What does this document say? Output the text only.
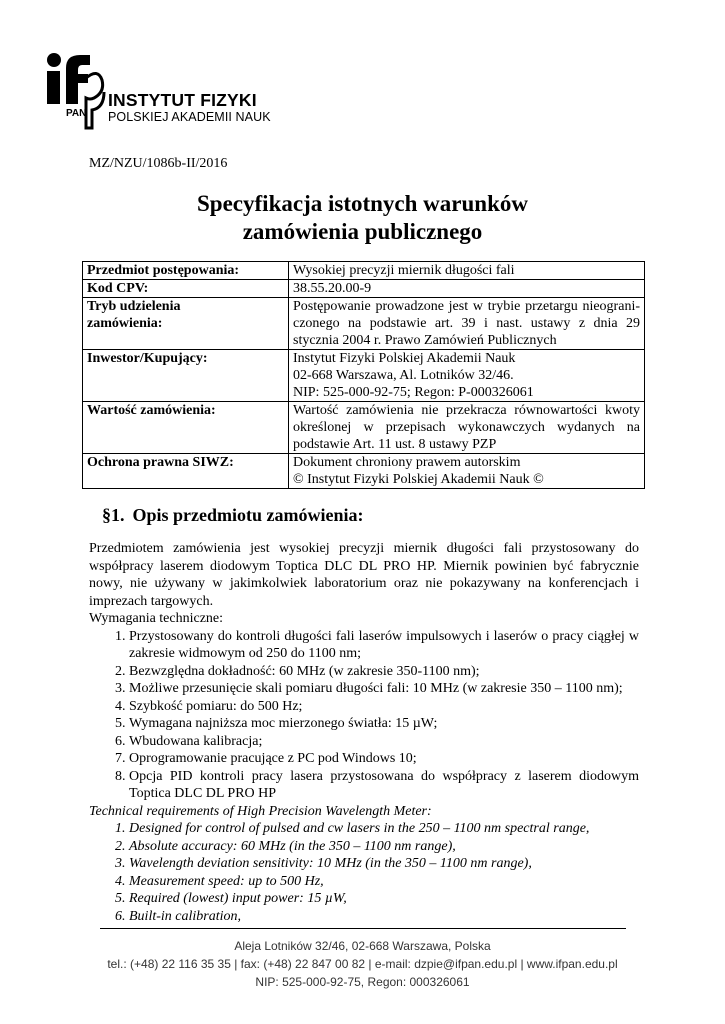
PAN
INSTYTUT FIZYKI
POLSKIEJ AKADEMII NAUK
MZ/NZU/1086b-II/2016
Specyfikacja istotnych warunków
zamówienia publicznego
Przedmiot postępowania:	Wysokiej precyzji miernik długości fali

Kod CPV:	38.55.20.00-9

Tryb udzielenia zamówienia:	Postępowanie prowadzone jest w trybie przetargu nieograni-czonego na podstawie art. 39 i nast. ustawy z dnia 29 stycznia 2004 r. Prawo Zamówień Publicznych

Inwestor/Kupujący:	Instytut Fizyki Polskiej Akademii Nauk
02-668 Warszawa, Al. Lotników 32/46.
NIP: 525-000-92-75; Regon: P-000326061

Wartość zamówienia:	Wartość zamówienia nie przekracza równowartości kwoty określonej w przepisach wykonawczych wydanych na podstawie Art. 11 ust. 8 ustawy PZP

Ochrona prawna SIWZ:	Dokument chroniony prawem autorskim
© Instytut Fizyki Polskiej Akademii Nauk ©
§1. Opis przedmiotu zamówienia:

Przedmiotem zamówienia jest wysokiej precyzji miernik długości fali przystosowany do współpracy laserem diodowym Toptica DLC DL PRO HP. Miernik powinien być fabrycznie nowy, nie używany w jakimkolwiek laboratorium oraz nie pokazywany na konferencjach i imprezach targowych.

Wymagania techniczne:

1. Przystosowany do kontroli długości fali laserów impulsowych i laserów o pracy ciągłej w zakresie widmowym od 250 do 1100 nm;
2. Bezwzględna dokładność: 60 MHz (w zakresie 350-1100 nm);
3. Możliwe przesunięcie skali pomiaru długości fali: 10 MHz (w zakresie 350 – 1100 nm);
4. Szybkość pomiaru: do 500 Hz;
5. Wymagana najniższa moc mierzonego światła: 15 µW;
6. Wbudowana kalibracja;
7. Oprogramowanie pracujące z PC pod Windows 10;
8. Opcja PID kontroli pracy lasera przystosowana do współpracy z laserem diodowym Toptica DLC DL PRO HP

Technical requirements of High Precision Wavelength Meter:

1. Designed for control of pulsed and cw lasers in the 250 – 1100 nm spectral range,
2. Absolute accuracy: 60 MHz (in the 350 – 1100 nm range),
3. Wavelength deviation sensitivity: 10 MHz (in the 350 – 1100 nm range),
4. Measurement speed: up to 500 Hz,
5. Required (lowest) input power: 15 µW,
6. Built-in calibration,
Aleja Lotników 32/46, 02-668 Warszawa, Polska
tel.: (+48) 22 116 35 35 | fax: (+48) 22 847 00 82 | e-mail: dzpie@ifpan.edu.pl | www.ifpan.edu.pl
NIP: 525-000-92-75, Regon: 000326061
